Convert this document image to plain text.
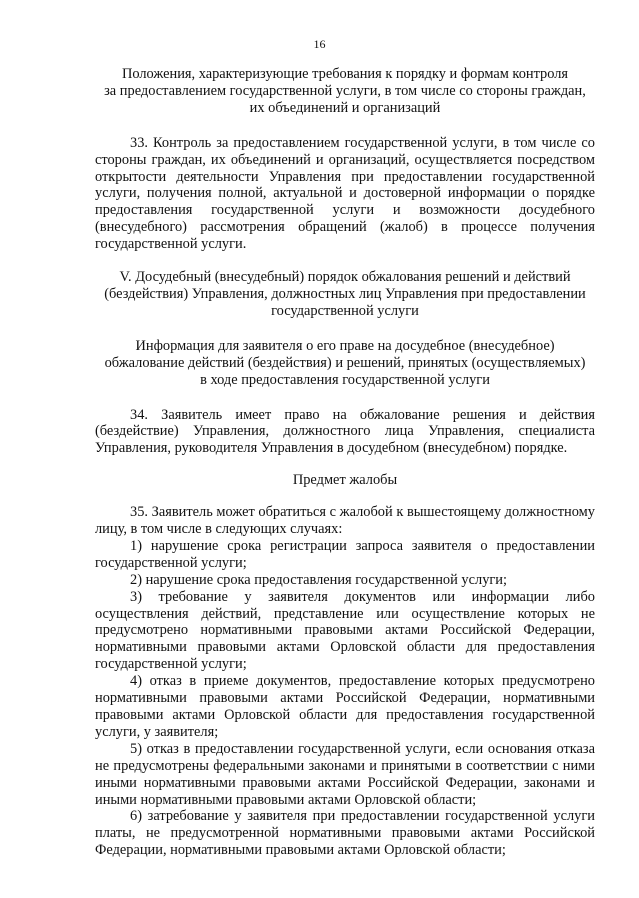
16
Положения, характеризующие требования к порядку и формам контроля
за предоставлением государственной услуги, в том числе со стороны граждан,
их объединений и организаций

33. Контроль за предоставлением государственной услуги, в том числе со стороны граждан, их объединений и организаций, осуществляется посредством открытости деятельности Управления при предоставлении государственной услуги, получения полной, актуальной и достоверной информации о порядке предоставления государственной услуги и возможности досудебного (внесудебного) рассмотрения обращений (жалоб) в процессе получения государственной услуги.

V. Досудебный (внесудебный) порядок обжалования решений и действий
(бездействия) Управления, должностных лиц Управления при предоставлении
государственной услуги
Информация для заявителя о его праве на досудебное (внесудебное)
обжалование действий (бездействия) и решений, принятых (осуществляемых)
в ходе предоставления государственной услуги

34. Заявитель имеет право на обжалование решения и действия (бездействие) Управления, должностного лица Управления, специалиста Управления, руководителя Управления в досудебном (внесудебном) порядке.

Предмет жалобы

35. Заявитель может обратиться с жалобой к вышестоящему должностному лицу, в том числе в следующих случаях:

1) нарушение срока регистрации запроса заявителя о предоставлении государственной услуги;

2) нарушение срока предоставления государственной услуги;

3) требование у заявителя документов или информации либо осуществления действий, представление или осуществление которых не предусмотрено нормативными правовыми актами Российской Федерации, нормативными правовыми актами Орловской области для предоставления государственной услуги;

4) отказ в приеме документов, предоставление которых предусмотрено нормативными правовыми актами Российской Федерации, нормативными правовыми актами Орловской области для предоставления государственной услуги, у заявителя;

5) отказ в предоставлении государственной услуги, если основания отказа не предусмотрены федеральными законами и принятыми в соответствии с ними иными нормативными правовыми актами Российской Федерации, законами и иными нормативными правовыми актами Орловской области;

6) затребование у заявителя при предоставлении государственной услуги платы, не предусмотренной нормативными правовыми актами Российской Федерации, нормативными правовыми актами Орловской области;
